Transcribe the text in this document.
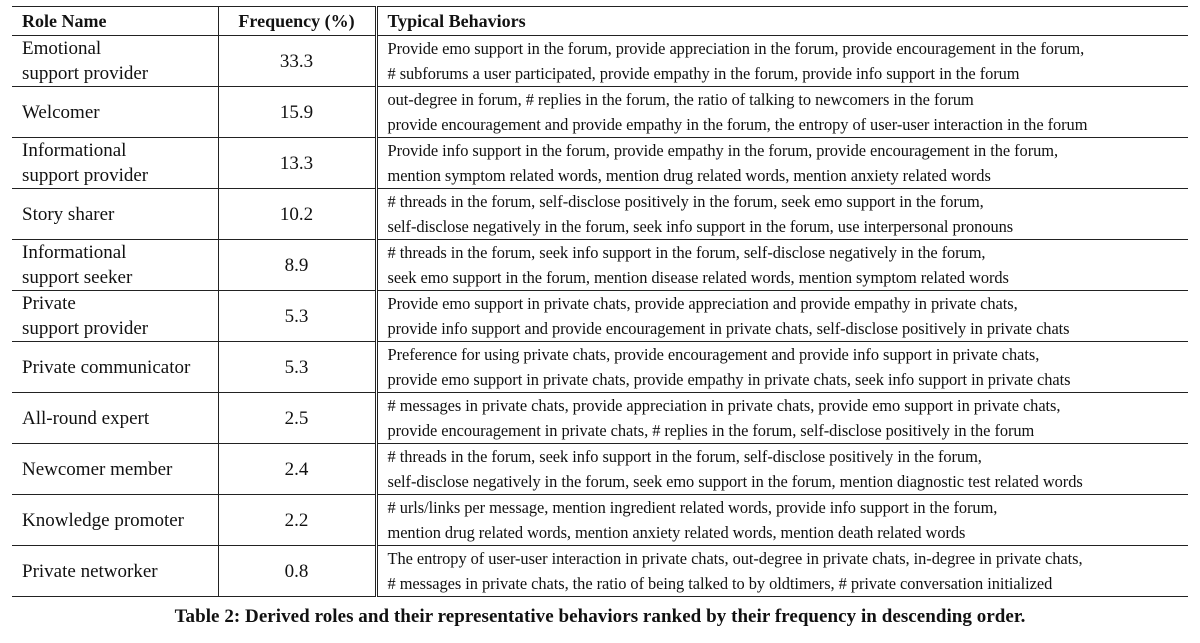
Role Name	Frequency (%)	Typical Behaviors

Emotional
support provider	33.3	Provide emo support in the forum, provide appreciation in the forum, provide encouragement in the forum,
# subforums a user participated, provide empathy in the forum, provide info support in the forum

Welcomer	15.9	out-degree in forum, # replies in the forum, the ratio of talking to newcomers in the forum
provide encouragement and provide empathy in the forum, the entropy of user-user interaction in the forum

Informational
support provider	13.3	Provide info support in the forum, provide empathy in the forum, provide encouragement in the forum,
mention symptom related words, mention drug related words, mention anxiety related words

Story sharer	10.2	# threads in the forum, self-disclose positively in the forum, seek emo support in the forum,
self-disclose negatively in the forum, seek info support in the forum, use interpersonal pronouns

Informational
support seeker	8.9	# threads in the forum, seek info support in the forum, self-disclose negatively in the forum,
seek emo support in the forum, mention disease related words, mention symptom related words

Private
support provider	5.3	Provide emo support in private chats, provide appreciation and provide empathy in private chats,
provide info support and provide encouragement in private chats, self-disclose positively in private chats

Private communicator	5.3	Preference for using private chats, provide encouragement and provide info support in private chats,
provide emo support in private chats, provide empathy in private chats, seek info support in private chats

All-round expert	2.5	# messages in private chats, provide appreciation in private chats, provide emo support in private chats,
provide encouragement in private chats, # replies in the forum, self-disclose positively in the forum

Newcomer member	2.4	# threads in the forum, seek info support in the forum, self-disclose positively in the forum,
self-disclose negatively in the forum, seek emo support in the forum, mention diagnostic test related words

Knowledge promoter	2.2	# urls/links per message, mention ingredient related words, provide info support in the forum,
mention drug related words, mention anxiety related words, mention death related words

Private networker	0.8	The entropy of user-user interaction in private chats, out-degree in private chats, in-degree in private chats,
# messages in private chats, the ratio of being talked to by oldtimers, # private conversation initialized
Table 2: Derived roles and their representative behaviors ranked by their frequency in descending order.
